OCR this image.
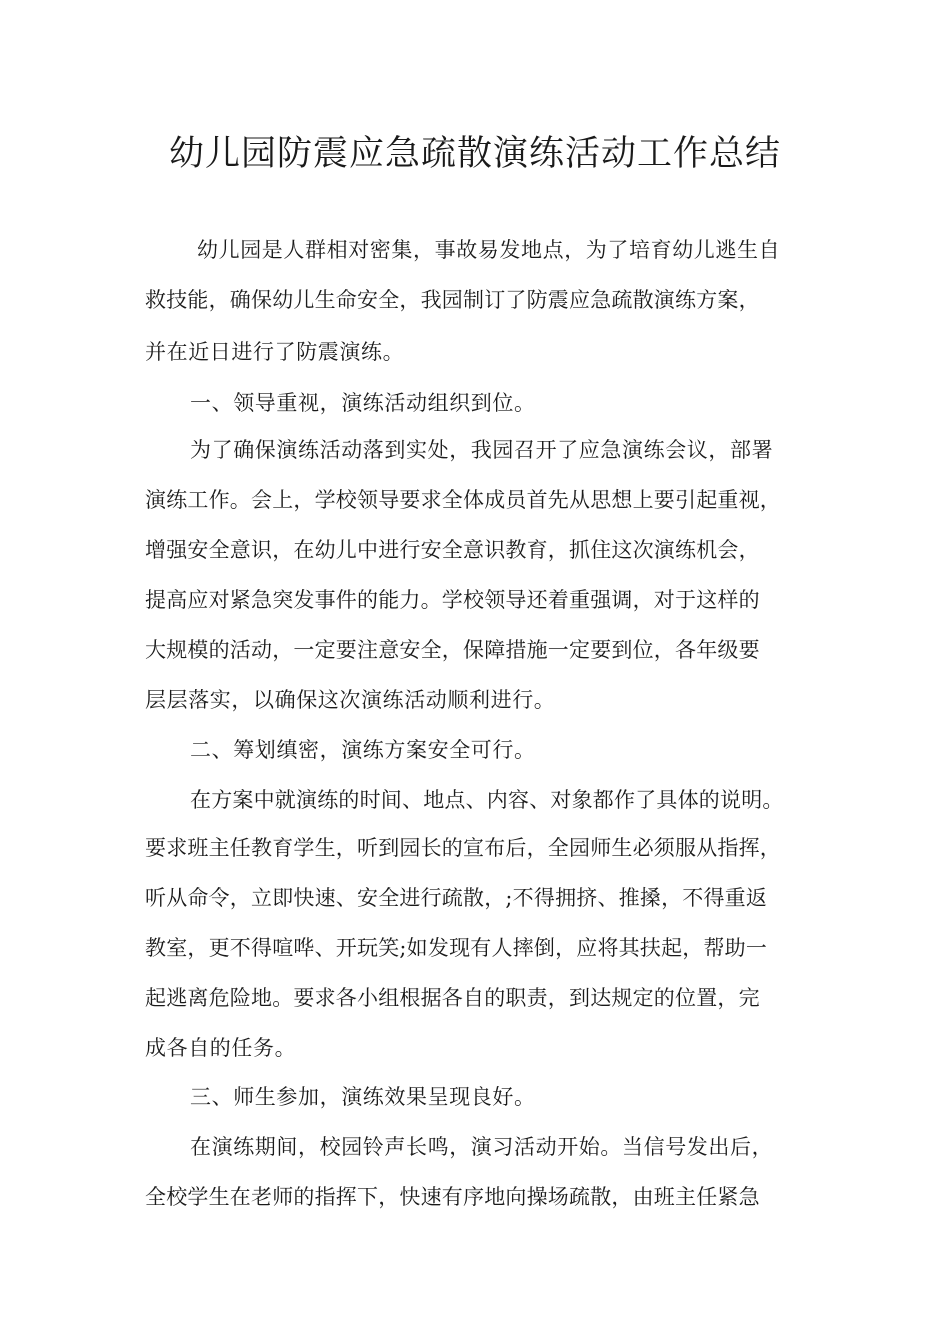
幼儿园防震应急疏散演练活动工作总结
幼儿园是人群相对密集，事故易发地点，为了培育幼儿逃生自
救技能，确保幼儿生命安全，我园制订了防震应急疏散演练方案，
并在近日进行了防震演练。
一、领导重视，演练活动组织到位。
为了确保演练活动落到实处，我园召开了应急演练会议，部署
演练工作。会上，学校领导要求全体成员首先从思想上要引起重视，
增强安全意识，在幼儿中进行安全意识教育，抓住这次演练机会，
提高应对紧急突发事件的能力。学校领导还着重强调，对于这样的
大规模的活动，一定要注意安全，保障措施一定要到位，各年级要
层层落实，以确保这次演练活动顺利进行。
二、筹划缜密，演练方案安全可行。
在方案中就演练的时间、地点、内容、对象都作了具体的说明。
要求班主任教育学生，听到园长的宣布后，全园师生必须服从指挥，
听从命令，立即快速、安全进行疏散，;不得拥挤、推搡，不得重返
教室，更不得喧哗、开玩笑;如发现有人摔倒，应将其扶起，帮助一
起逃离危险地。要求各小组根据各自的职责，到达规定的位置，完
成各自的任务。
三、师生参加，演练效果呈现良好。
在演练期间，校园铃声长鸣，演习活动开始。当信号发出后，
全校学生在老师的指挥下，快速有序地向操场疏散，由班主任紧急
